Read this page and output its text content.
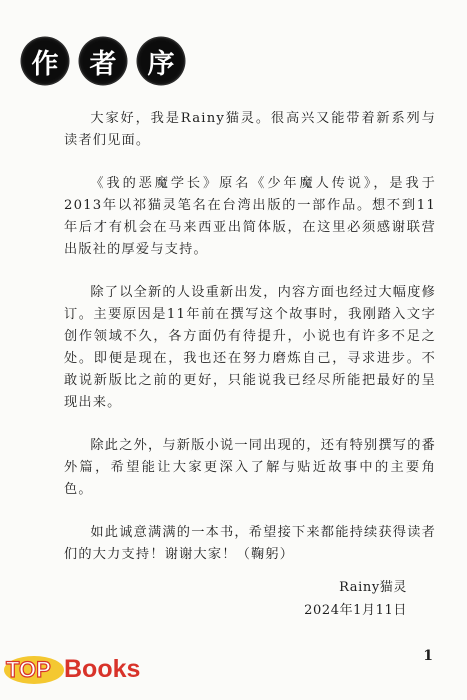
作	者	序

大家好，我是Rainy猫灵。很高兴又能带着新系列与读者们见面。

《我的恶魔学长》原名《少年魔人传说》，是我于2013年以祁猫灵笔名在台湾出版的一部作品。想不到11年后才有机会在马来西亚出简体版，在这里必须感谢联营出版社的厚爱与支持。

除了以全新的人设重新出发，内容方面也经过大幅度修订。主要原因是11年前在撰写这个故事时，我刚踏入文字创作领域不久，各方面仍有待提升，小说也有许多不足之处。即便是现在，我也还在努力磨炼自己，寻求进步。不敢说新版比之前的更好，只能说我已经尽所能把最好的呈现出来。

除此之外，与新版小说一同出现的，还有特别撰写的番外篇，希望能让大家更深入了解与贴近故事中的主要角色。

如此诚意满满的一本书，希望接下来都能持续获得读者们的大力支持！谢谢大家！（鞠躬）

Rainy猫灵
2024年1月11日
1
TOP Books
